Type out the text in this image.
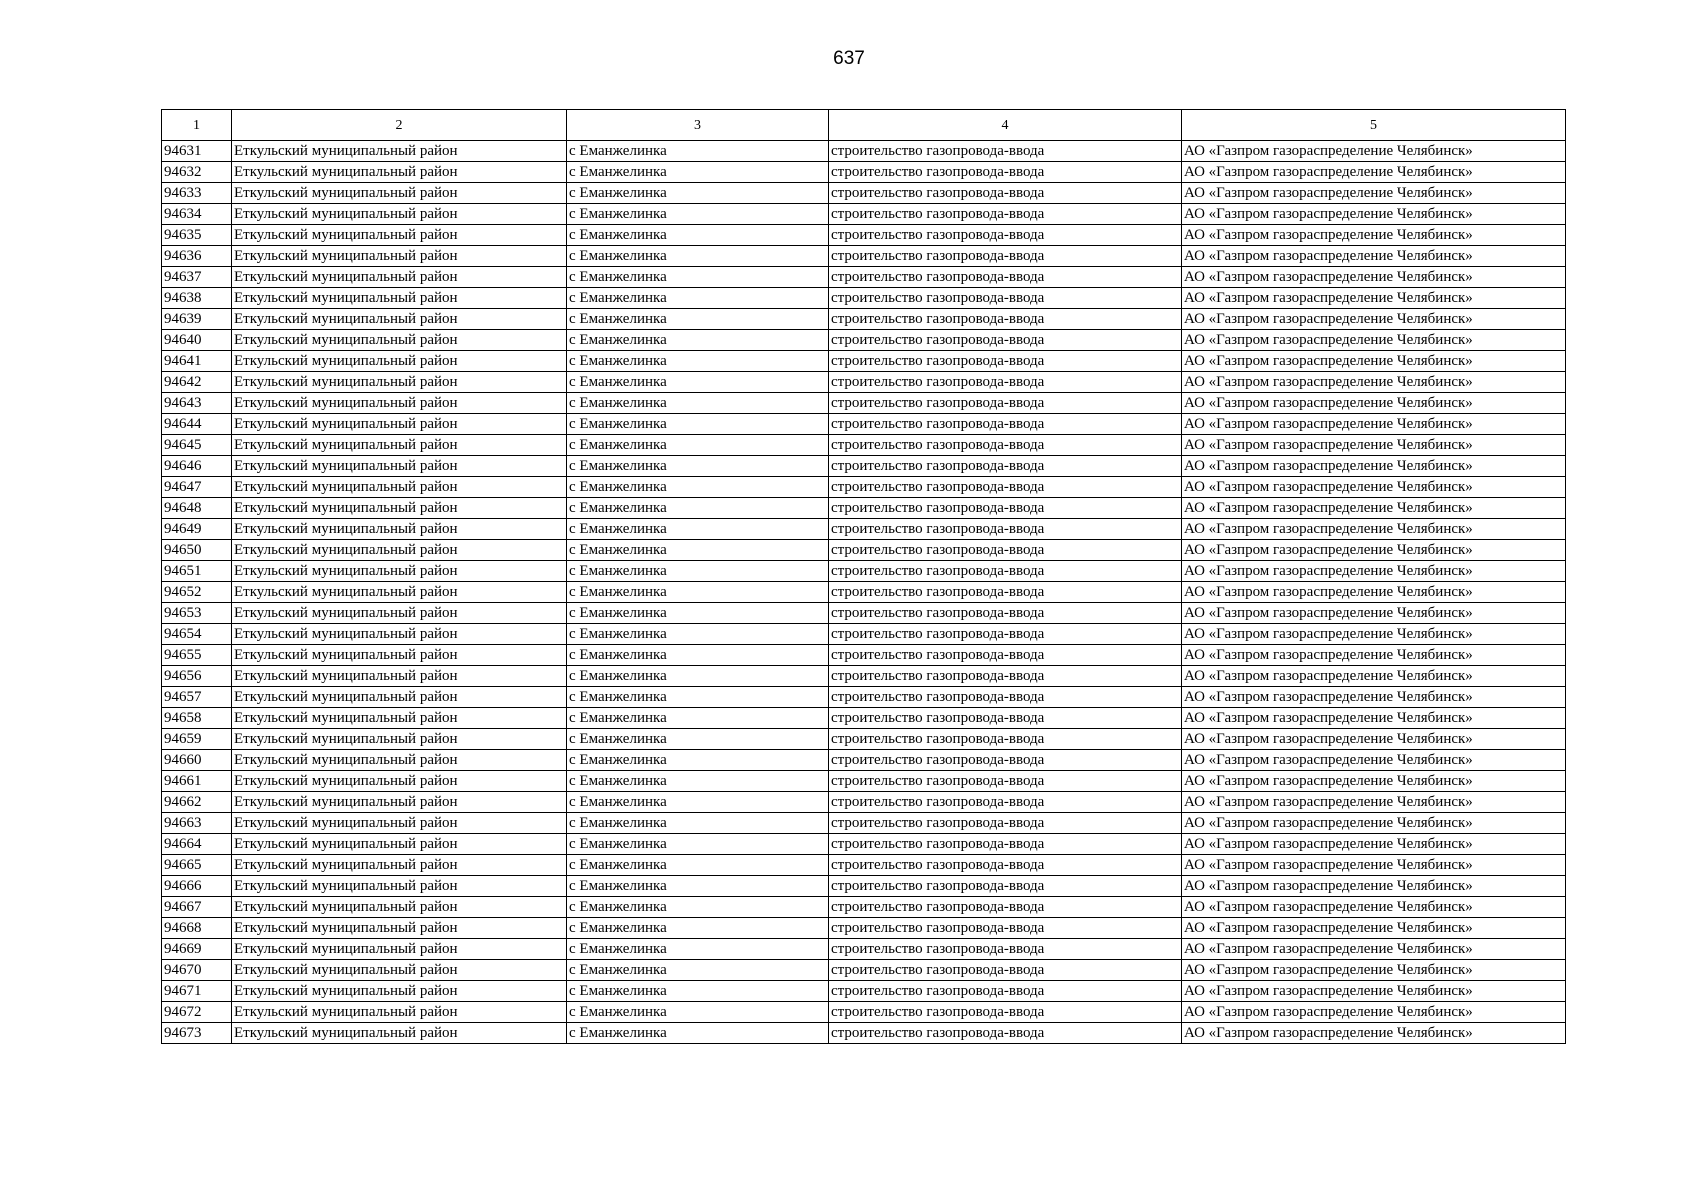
637
1	2	3	4	5
94631	Еткульский муниципальный район	с Еманжелинка	строительство газопровода-ввода	АО «Газпром газораспределение Челябинск»
94632	Еткульский муниципальный район	с Еманжелинка	строительство газопровода-ввода	АО «Газпром газораспределение Челябинск»
94633	Еткульский муниципальный район	с Еманжелинка	строительство газопровода-ввода	АО «Газпром газораспределение Челябинск»
94634	Еткульский муниципальный район	с Еманжелинка	строительство газопровода-ввода	АО «Газпром газораспределение Челябинск»
94635	Еткульский муниципальный район	с Еманжелинка	строительство газопровода-ввода	АО «Газпром газораспределение Челябинск»
94636	Еткульский муниципальный район	с Еманжелинка	строительство газопровода-ввода	АО «Газпром газораспределение Челябинск»
94637	Еткульский муниципальный район	с Еманжелинка	строительство газопровода-ввода	АО «Газпром газораспределение Челябинск»
94638	Еткульский муниципальный район	с Еманжелинка	строительство газопровода-ввода	АО «Газпром газораспределение Челябинск»
94639	Еткульский муниципальный район	с Еманжелинка	строительство газопровода-ввода	АО «Газпром газораспределение Челябинск»
94640	Еткульский муниципальный район	с Еманжелинка	строительство газопровода-ввода	АО «Газпром газораспределение Челябинск»
94641	Еткульский муниципальный район	с Еманжелинка	строительство газопровода-ввода	АО «Газпром газораспределение Челябинск»
94642	Еткульский муниципальный район	с Еманжелинка	строительство газопровода-ввода	АО «Газпром газораспределение Челябинск»
94643	Еткульский муниципальный район	с Еманжелинка	строительство газопровода-ввода	АО «Газпром газораспределение Челябинск»
94644	Еткульский муниципальный район	с Еманжелинка	строительство газопровода-ввода	АО «Газпром газораспределение Челябинск»
94645	Еткульский муниципальный район	с Еманжелинка	строительство газопровода-ввода	АО «Газпром газораспределение Челябинск»
94646	Еткульский муниципальный район	с Еманжелинка	строительство газопровода-ввода	АО «Газпром газораспределение Челябинск»
94647	Еткульский муниципальный район	с Еманжелинка	строительство газопровода-ввода	АО «Газпром газораспределение Челябинск»
94648	Еткульский муниципальный район	с Еманжелинка	строительство газопровода-ввода	АО «Газпром газораспределение Челябинск»
94649	Еткульский муниципальный район	с Еманжелинка	строительство газопровода-ввода	АО «Газпром газораспределение Челябинск»
94650	Еткульский муниципальный район	с Еманжелинка	строительство газопровода-ввода	АО «Газпром газораспределение Челябинск»
94651	Еткульский муниципальный район	с Еманжелинка	строительство газопровода-ввода	АО «Газпром газораспределение Челябинск»
94652	Еткульский муниципальный район	с Еманжелинка	строительство газопровода-ввода	АО «Газпром газораспределение Челябинск»
94653	Еткульский муниципальный район	с Еманжелинка	строительство газопровода-ввода	АО «Газпром газораспределение Челябинск»
94654	Еткульский муниципальный район	с Еманжелинка	строительство газопровода-ввода	АО «Газпром газораспределение Челябинск»
94655	Еткульский муниципальный район	с Еманжелинка	строительство газопровода-ввода	АО «Газпром газораспределение Челябинск»
94656	Еткульский муниципальный район	с Еманжелинка	строительство газопровода-ввода	АО «Газпром газораспределение Челябинск»
94657	Еткульский муниципальный район	с Еманжелинка	строительство газопровода-ввода	АО «Газпром газораспределение Челябинск»
94658	Еткульский муниципальный район	с Еманжелинка	строительство газопровода-ввода	АО «Газпром газораспределение Челябинск»
94659	Еткульский муниципальный район	с Еманжелинка	строительство газопровода-ввода	АО «Газпром газораспределение Челябинск»
94660	Еткульский муниципальный район	с Еманжелинка	строительство газопровода-ввода	АО «Газпром газораспределение Челябинск»
94661	Еткульский муниципальный район	с Еманжелинка	строительство газопровода-ввода	АО «Газпром газораспределение Челябинск»
94662	Еткульский муниципальный район	с Еманжелинка	строительство газопровода-ввода	АО «Газпром газораспределение Челябинск»
94663	Еткульский муниципальный район	с Еманжелинка	строительство газопровода-ввода	АО «Газпром газораспределение Челябинск»
94664	Еткульский муниципальный район	с Еманжелинка	строительство газопровода-ввода	АО «Газпром газораспределение Челябинск»
94665	Еткульский муниципальный район	с Еманжелинка	строительство газопровода-ввода	АО «Газпром газораспределение Челябинск»
94666	Еткульский муниципальный район	с Еманжелинка	строительство газопровода-ввода	АО «Газпром газораспределение Челябинск»
94667	Еткульский муниципальный район	с Еманжелинка	строительство газопровода-ввода	АО «Газпром газораспределение Челябинск»
94668	Еткульский муниципальный район	с Еманжелинка	строительство газопровода-ввода	АО «Газпром газораспределение Челябинск»
94669	Еткульский муниципальный район	с Еманжелинка	строительство газопровода-ввода	АО «Газпром газораспределение Челябинск»
94670	Еткульский муниципальный район	с Еманжелинка	строительство газопровода-ввода	АО «Газпром газораспределение Челябинск»
94671	Еткульский муниципальный район	с Еманжелинка	строительство газопровода-ввода	АО «Газпром газораспределение Челябинск»
94672	Еткульский муниципальный район	с Еманжелинка	строительство газопровода-ввода	АО «Газпром газораспределение Челябинск»
94673	Еткульский муниципальный район	с Еманжелинка	строительство газопровода-ввода	АО «Газпром газораспределение Челябинск»
